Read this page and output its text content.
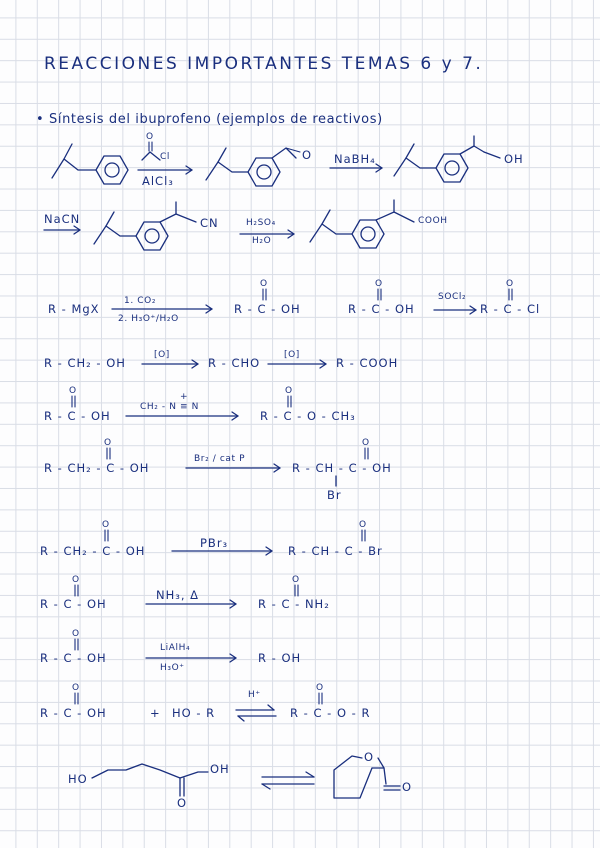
REACCIONES IMPORTANTES TEMAS 6 y 7.
• Síntesis del ibuprofeno (ejemplos de reactivos)
Cl
O
AlCl₃
O NaBH₄	OH
NaCN	CN	H₂SO₄
H₂O
COOH
R - MgX
1. CO₂
2. H₃O⁺/H₂O
R - C - OH
O
R - C - OH
O
SOCl₂
R - C - Cl
O
R - CH₂ - OH
[O]
R - CHO
[O]
R - COOH
R - C - OH
O
CH₂ - N ≡ N
+
R - C - O - CH₃
O
R - CH₂ - C - OH
O
Br₂ / cat P
R - CH - C - OH
O
Br
R - CH₂ - C - OH
O
PBr₃
R - CH - C - Br
O
R - C - OH
O
NH₃, Δ
R - C - NH₂
O
R - C - OH
O
LiAlH₄
H₃O⁺
R - OH
R - C - OH
O
+ HO - R
H⁺
R - C - O - R
O
HO
OH
O
O
O
